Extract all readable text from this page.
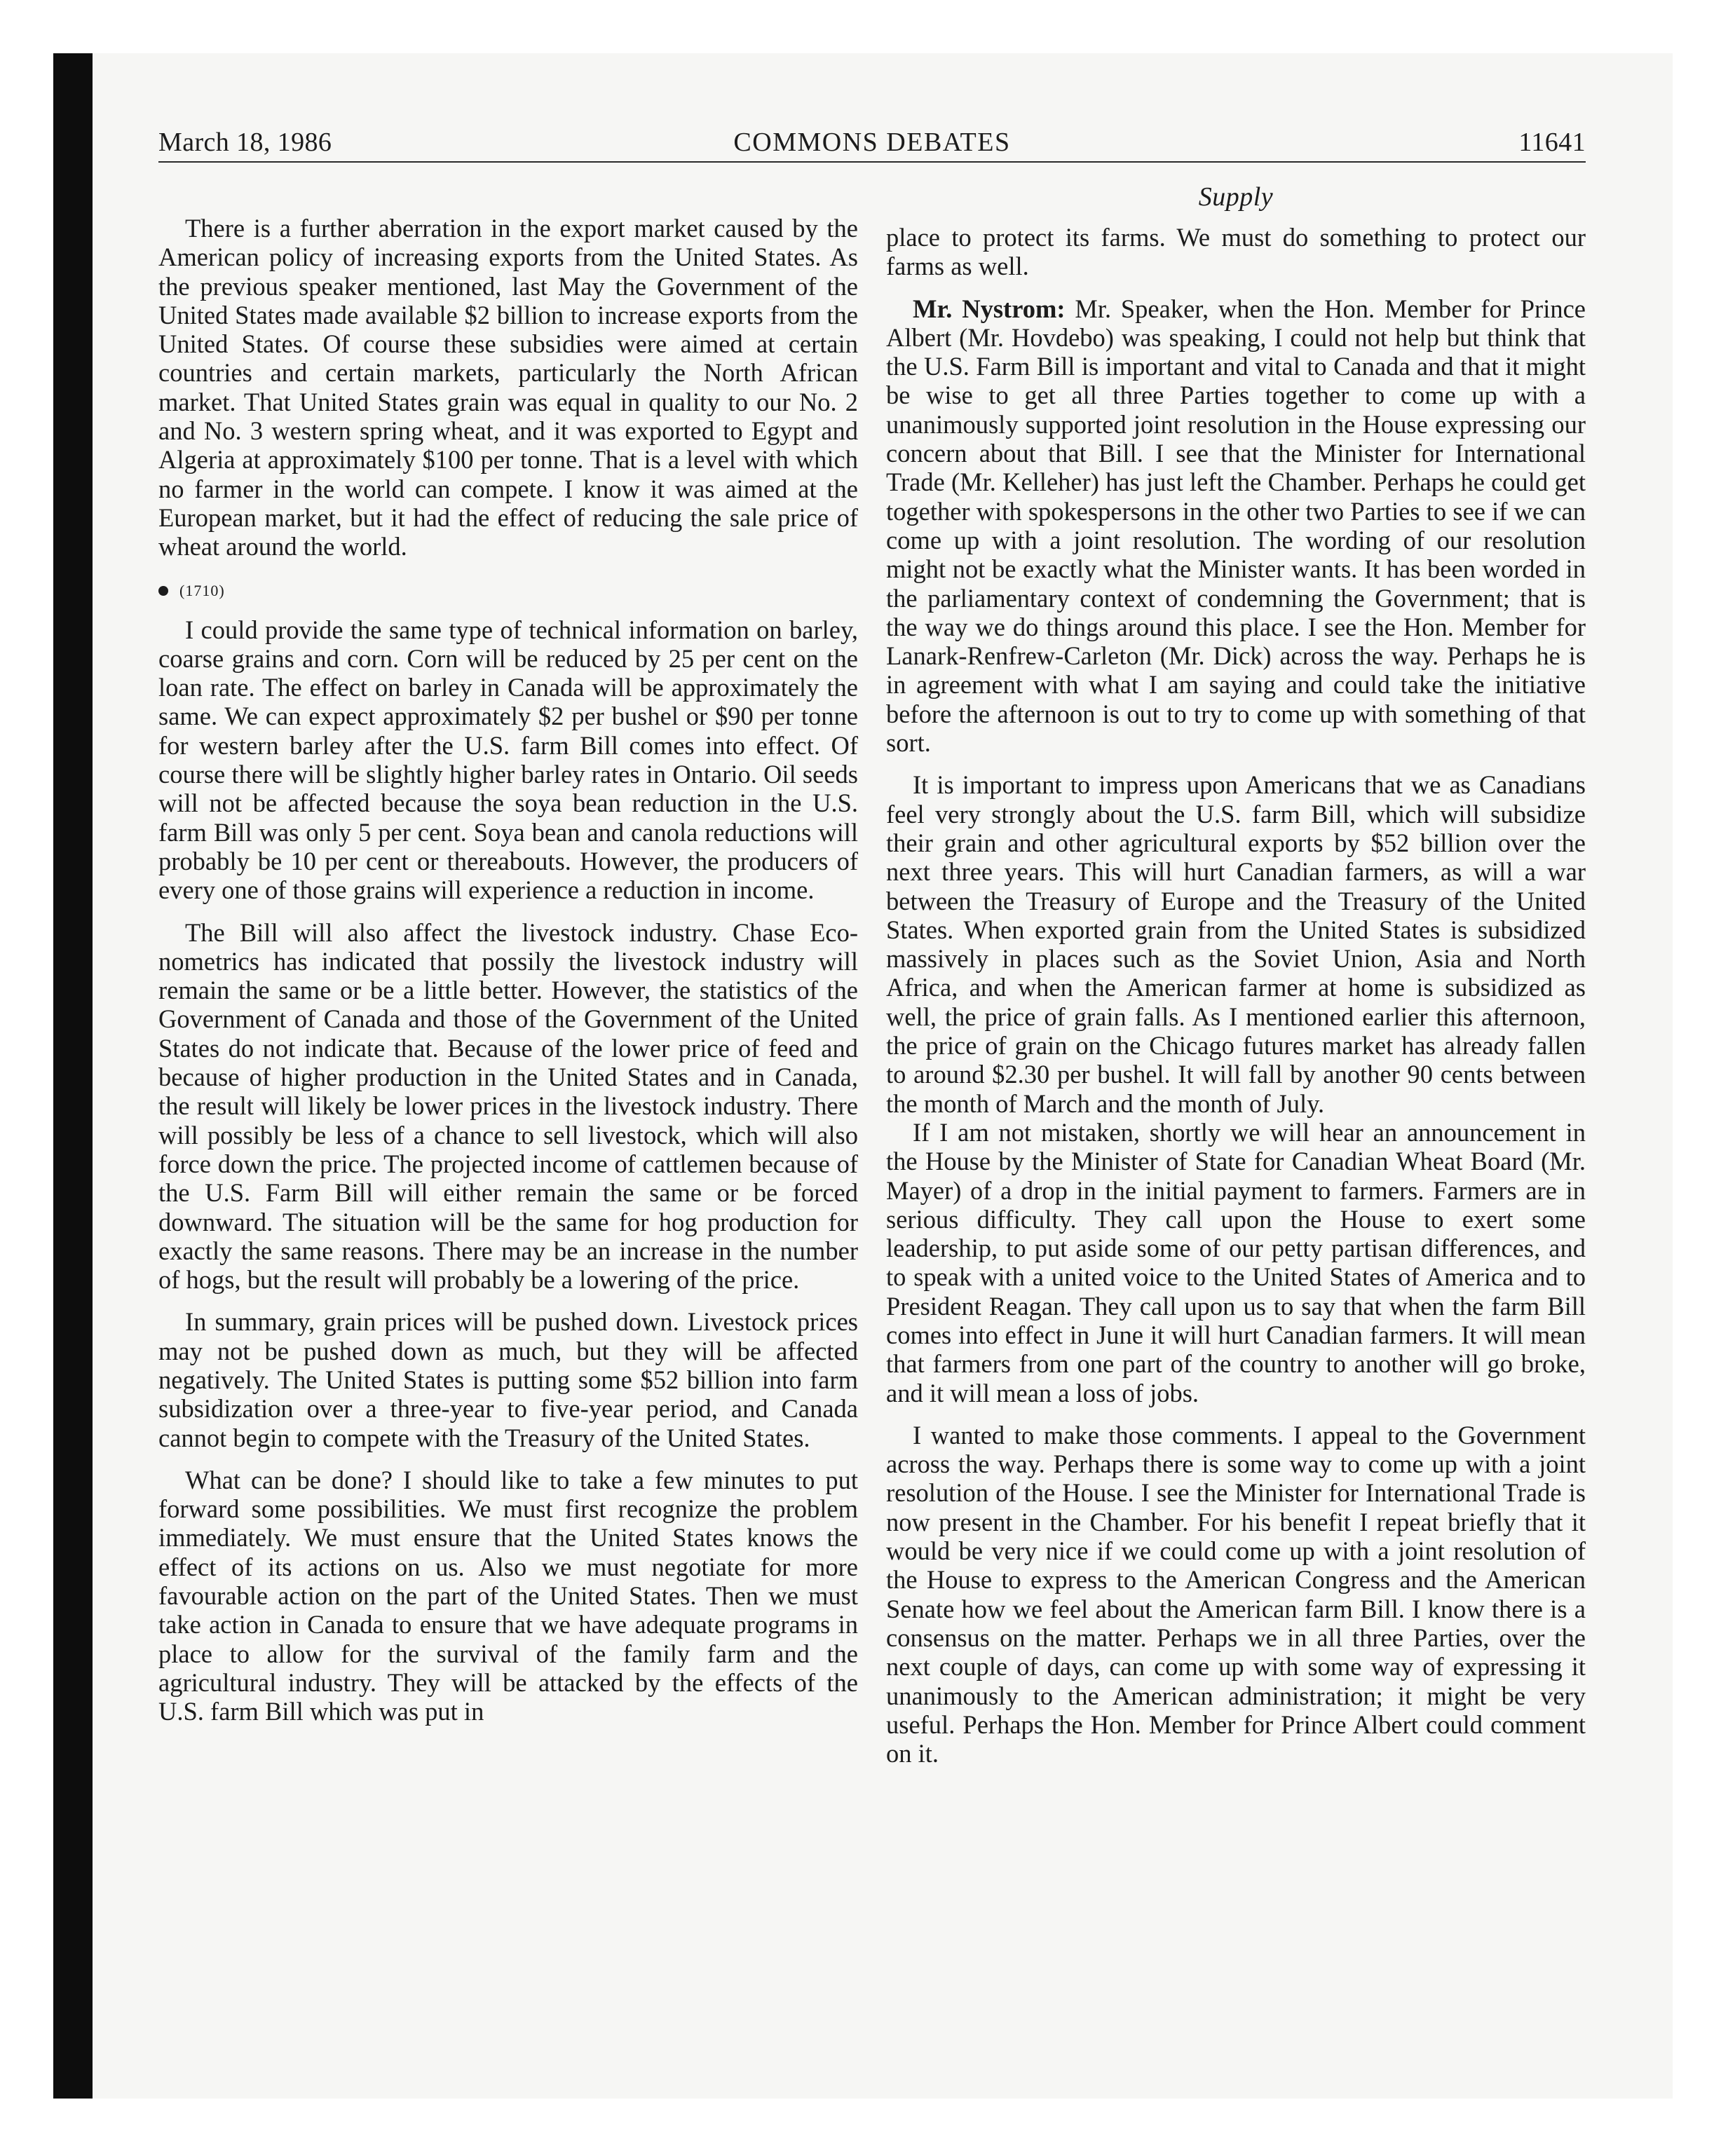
March 18, 1986	COMMONS DEBATES	11641
Supply

There is a further aberration in the export market caused by the American policy of increasing exports from the United States. As the previous speaker mentioned, last May the Government of the United States made available $2 billion to increase exports from the United States. Of course these subsidies were aimed at certain countries and certain markets, particularly the North African market. That United States grain was equal in quality to our No. 2 and No. 3 western spring wheat, and it was exported to Egypt and Algeria at approximately $100 per tonne. That is a level with which no farmer in the world can compete. I know it was aimed at the European market, but it had the effect of reducing the sale price of wheat around the world.

(1710)

I could provide the same type of technical information on barley, coarse grains and corn. Corn will be reduced by 25 per cent on the loan rate. The effect on barley in Canada will be approximately the same. We can expect approximately $2 per bushel or $90 per tonne for western barley after the U.S. farm Bill comes into effect. Of course there will be slightly higher barley rates in Ontario. Oil seeds will not be affected because the soya bean reduction in the U.S. farm Bill was only 5 per cent. Soya bean and canola reductions will probably be 10 per cent or thereabouts. However, the producers of every one of those grains will experience a reduction in income.

The Bill will also affect the livestock industry. Chase Econometrics has indicated that possily the livestock industry will remain the same or be a little better. However, the statistics of the Government of Canada and those of the Government of the United States do not indicate that. Because of the lower price of feed and because of higher production in the United States and in Canada, the result will likely be lower prices in the livestock industry. There will possibly be less of a chance to sell livestock, which will also force down the price. The projected income of cattlemen because of the U.S. Farm Bill will either remain the same or be forced downward. The situation will be the same for hog production for exactly the same reasons. There may be an increase in the number of hogs, but the result will probably be a lowering of the price.

In summary, grain prices will be pushed down. Livestock prices may not be pushed down as much, but they will be affected negatively. The United States is putting some $52 billion into farm subsidization over a three-year to five-year period, and Canada cannot begin to compete with the Treasury of the United States.

What can be done? I should like to take a few minutes to put forward some possibilities. We must first recognize the problem immediately. We must ensure that the United States knows the effect of its actions on us. Also we must negotiate for more favourable action on the part of the United States. Then we must take action in Canada to ensure that we have adequate programs in place to allow for the survival of the family farm and the agricultural industry. They will be attacked by the effects of the U.S. farm Bill which was put in

place to protect its farms. We must do something to protect our farms as well.

Mr. Nystrom: Mr. Speaker, when the Hon. Member for Prince Albert (Mr. Hovdebo) was speaking, I could not help but think that the U.S. Farm Bill is important and vital to Canada and that it might be wise to get all three Parties together to come up with a unanimously supported joint resolution in the House expressing our concern about that Bill. I see that the Minister for International Trade (Mr. Kelleher) has just left the Chamber. Perhaps he could get together with spokespersons in the other two Parties to see if we can come up with a joint resolution. The wording of our resolution might not be exactly what the Minister wants. It has been worded in the parliamentary context of condemning the Government; that is the way we do things around this place. I see the Hon. Member for Lanark-Renfrew-Carleton (Mr. Dick) across the way. Perhaps he is in agreement with what I am saying and could take the initiative before the afternoon is out to try to come up with something of that sort.

It is important to impress upon Americans that we as Canadians feel very strongly about the U.S. farm Bill, which will subsidize their grain and other agricultural exports by $52 billion over the next three years. This will hurt Canadian farmers, as will a war between the Treasury of Europe and the Treasury of the United States. When exported grain from the United States is subsidized massively in places such as the Soviet Union, Asia and North Africa, and when the American farmer at home is subsidized as well, the price of grain falls. As I mentioned earlier this afternoon, the price of grain on the Chicago futures market has already fallen to around $2.30 per bushel. It will fall by another 90 cents between the month of March and the month of July.

If I am not mistaken, shortly we will hear an announcement in the House by the Minister of State for Canadian Wheat Board (Mr. Mayer) of a drop in the initial payment to farmers. Farmers are in serious difficulty. They call upon the House to exert some leadership, to put aside some of our petty partisan differences, and to speak with a united voice to the United States of America and to President Reagan. They call upon us to say that when the farm Bill comes into effect in June it will hurt Canadian farmers. It will mean that farmers from one part of the country to another will go broke, and it will mean a loss of jobs.

I wanted to make those comments. I appeal to the Government across the way. Perhaps there is some way to come up with a joint resolution of the House. I see the Minister for International Trade is now present in the Chamber. For his benefit I repeat briefly that it would be very nice if we could come up with a joint resolution of the House to express to the American Congress and the American Senate how we feel about the American farm Bill. I know there is a consensus on the matter. Perhaps we in all three Parties, over the next couple of days, can come up with some way of expressing it unanimously to the American administration; it might be very useful. Perhaps the Hon. Member for Prince Albert could comment on it.
